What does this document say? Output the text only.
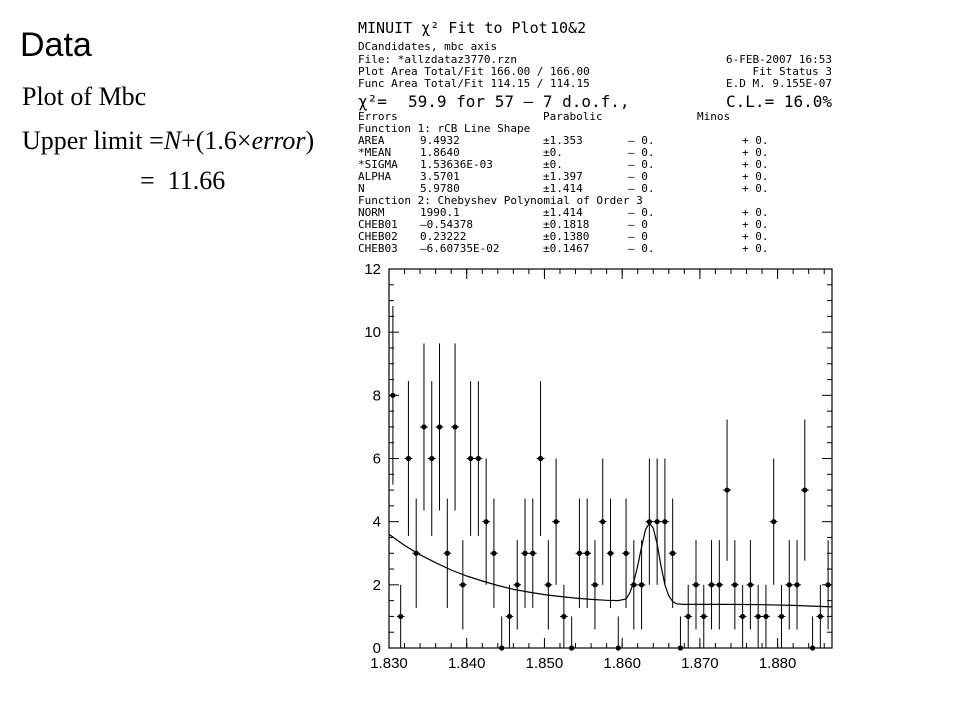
Data
Plot of Mbc
Upper limit =N+(1.6×error)
=  11.66
MINUIT χ² Fit to Plot 10&2
DCandidates, mbc axis
File: *allzdataz3770.rzn	6-FEB-2007 16:53
Plot Area Total/Fit 166.00 / 166.00	Fit Status 3
Func Area Total/Fit 114.15 / 114.15	E.D M. 9.155E-07
χ²= 59.9 for 57 – 7 d.o.f.,	C.L.= 16.0%
Errors	Parabolic	Minos
Function 1: rCB Line Shape
AREA	9.4932	±1.353	– 0.	+ 0.
*MEAN	1.8640	±0.	– 0.	+ 0.
*SIGMA 1.53636E-03	±0.	– 0.	+ 0.
ALPHA	3.5701	±1.397	– 0	+ 0.
N	5.9780	±1.414	– 0.	+ 0.
Function 2: Chebyshev Polynomial of Order 3
NORM	1990.1	±1.414	– 0.	+ 0.
CHEB01 –0.54378	±0.1818	– 0	+ 0.
CHEB02 0.23222	±0.1380	– 0	+ 0.
CHEB03 –6.60735E-02	±0.1467	– 0.	+ 0.
1.830	1.840	1.850	1.860	1.870	1.880
0
2
4
6
8
10
12
